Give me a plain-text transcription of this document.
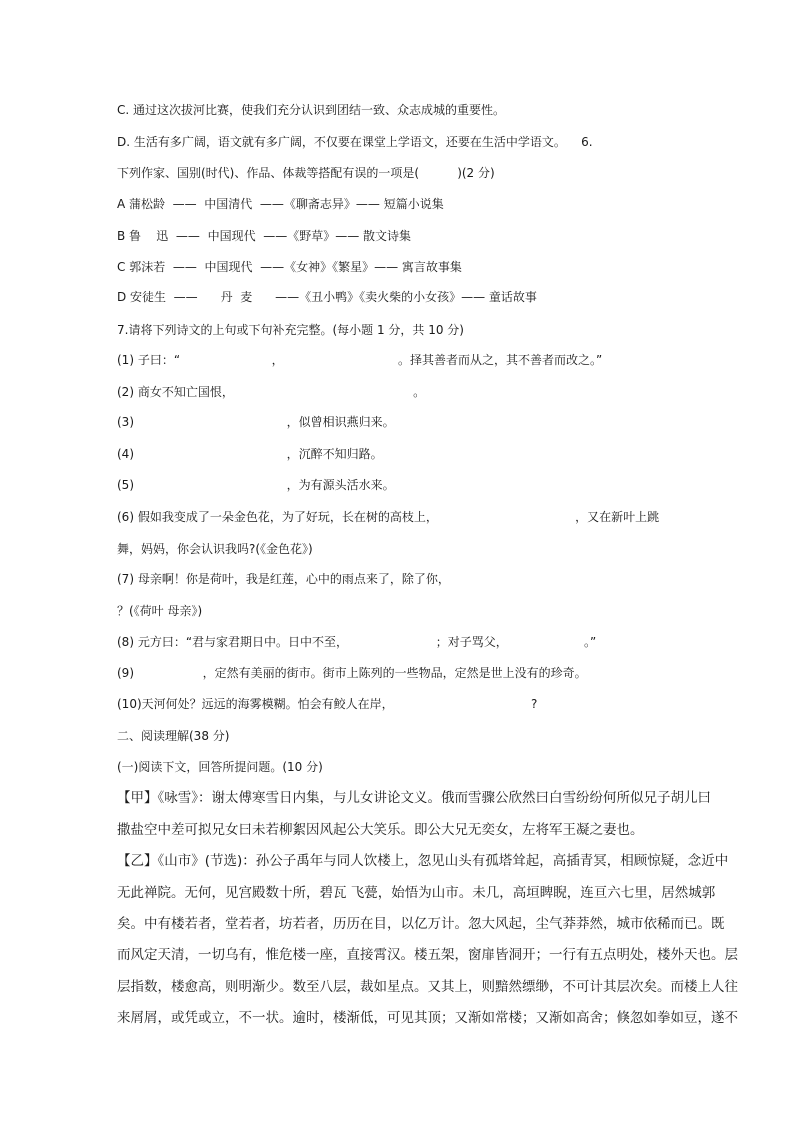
C. 通过这次拔河比赛，使我们充分认识到团结一致、众志成城的重要性。
D. 生活有多广阔，语文就有多广阔，不仅要在课堂上学语文，还要在生活中学语文。    6.
下列作家、国别(时代)、作品、体裁等搭配有误的一项是(          )(2 分)
A 蒲松龄  ——  中国清代  ——《聊斋志异》—— 短篇小说集
B 鲁    迅  ——  中国现代  ——《野草》—— 散文诗集
C 郭沫若  ——  中国现代  ——《女神》《繁星》—— 寓言故事集
D 安徒生  ——      丹  麦      ——《丑小鸭》《卖火柴的小女孩》—— 童话故事
7.请将下列诗文的上句或下句补充完整。(每小题 1 分，共 10 分)
(1) 子曰：“                        ，                              。择其善者而从之，其不善者而改之。”
(2) 商女不知亡国恨，                                               。
(3)                                        ，似曾相识燕归来。
(4)                                        ，沉醉不知归路。
(5)                                        ，为有源头活水来。
(6) 假如我变成了一朵金色花，为了好玩，长在树的高枝上，                                    ，又在新叶上跳
舞，妈妈，你会认识我吗?(《金色花》)
(7) 母亲啊！你是荷叶，我是红莲，心中的雨点来了，除了你，
？(《荷叶 母亲》)
(8) 元方曰：“君与家君期日中。日中不至，                       ；对子骂父，                    。”
(9)                  ，定然有美丽的街市。街市上陈列的一些物品，定然是世上没有的珍奇。
(10)天河何处？远远的海雾模糊。怕会有鲛人在岸，                                    ?
二、阅读理解(38 分)
(一)阅读下文，回答所提问题。(10 分)
【甲】《咏雪》：谢太傅寒雪日内集，与儿女讲论文义。俄而雪骤公欣然曰白雪纷纷何所似兄子胡儿曰
撒盐空中差可拟兄女曰未若柳絮因风起公大笑乐。即公大兄无奕女，左将军王凝之妻也。
【乙】《山市》(节选)：孙公子禹年与同人饮楼上，忽见山头有孤塔耸起，高插青冥，相顾惊疑，念近中
无此禅院。无何，见宫殿数十所，碧瓦 飞甍，始悟为山市。未几，高垣睥睨，连亘六七里，居然城郭
矣。中有楼若者，堂若者，坊若者，历历在目，以亿万计。忽大风起，尘气莽莽然，城市依稀而已。既
而风定天清，一切乌有，惟危楼一座，直接霄汉。楼五架，窗扉皆洞开；一行有五点明处，楼外天也。层
层指数，楼愈高，则明渐少。数至八层，裁如星点。又其上，则黯然缥缈，不可计其层次矣。而楼上人往
来屑屑，或凭或立，不一状。逾时，楼渐低，可见其顶；又渐如常楼；又渐如高舍；倏忽如拳如豆，遂不
